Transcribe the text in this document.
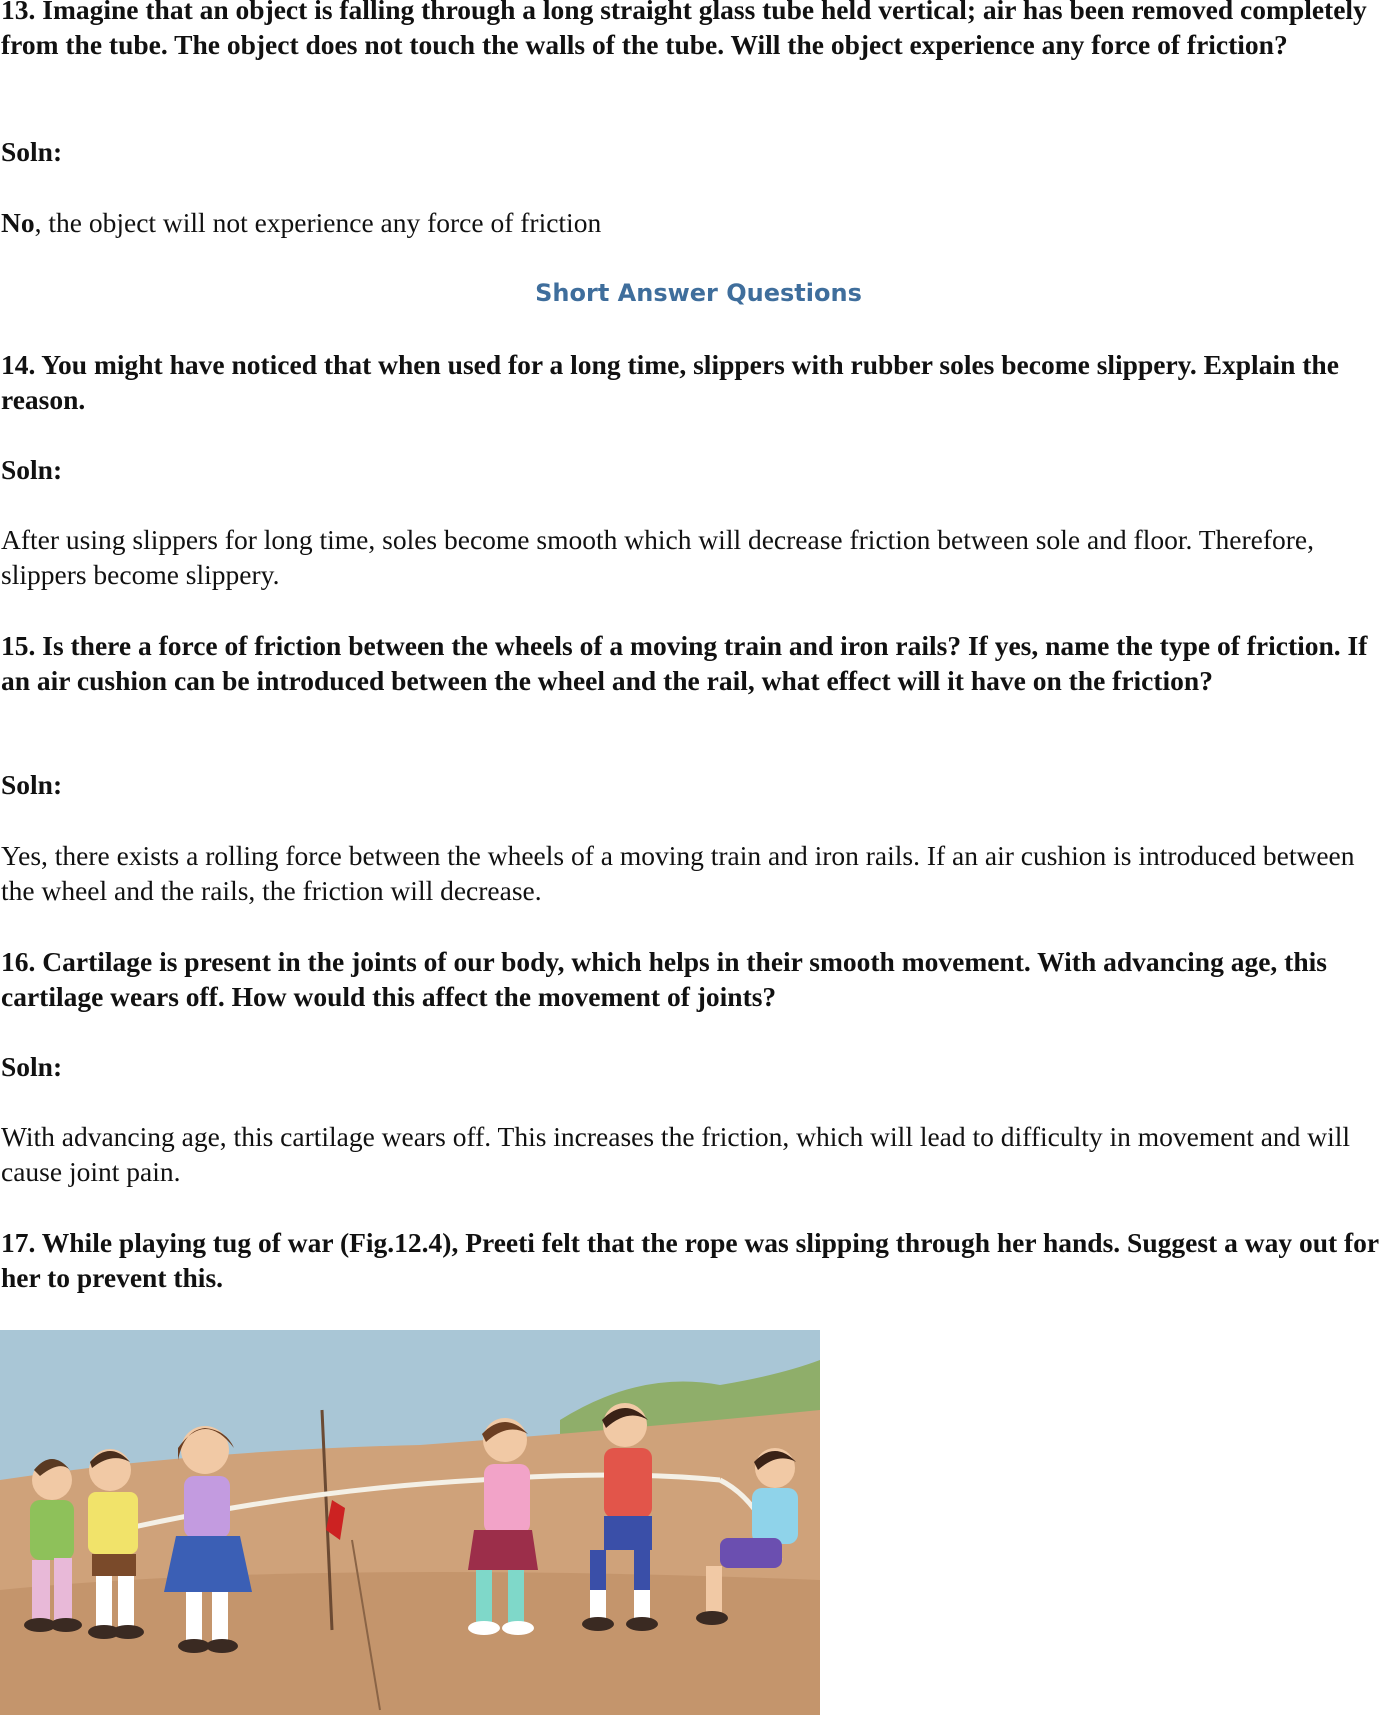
13. Imagine that an object is falling through a long straight glass tube held vertical; air has been removed completely from the tube. The object does not touch the walls of the tube. Will the object experience any force of friction?

Soln:

No, the object will not experience any force of friction

Short Answer Questions

14. You might have noticed that when used for a long time, slippers with rubber soles become slippery. Explain the reason.

Soln:

After using slippers for long time, soles become smooth which will decrease friction between sole and floor. Therefore, slippers become slippery.

15. Is there a force of friction between the wheels of a moving train and iron rails? If yes, name the type of friction. If an air cushion can be introduced between the wheel and the rail, what effect will it have on the friction?

Soln:

Yes, there exists a rolling force between the wheels of a moving train and iron rails. If an air cushion is introduced between the wheel and the rails, the friction will decrease.

16. Cartilage is present in the joints of our body, which helps in their smooth movement. With advancing age, this cartilage wears off. How would this affect the movement of joints?

Soln:

With advancing age, this cartilage wears off. This increases the friction, which will lead to difficulty in movement and will cause joint pain.

17. While playing tug of war (Fig.12.4), Preeti felt that the rope was slipping through her hands. Suggest a way out for her to prevent this.
